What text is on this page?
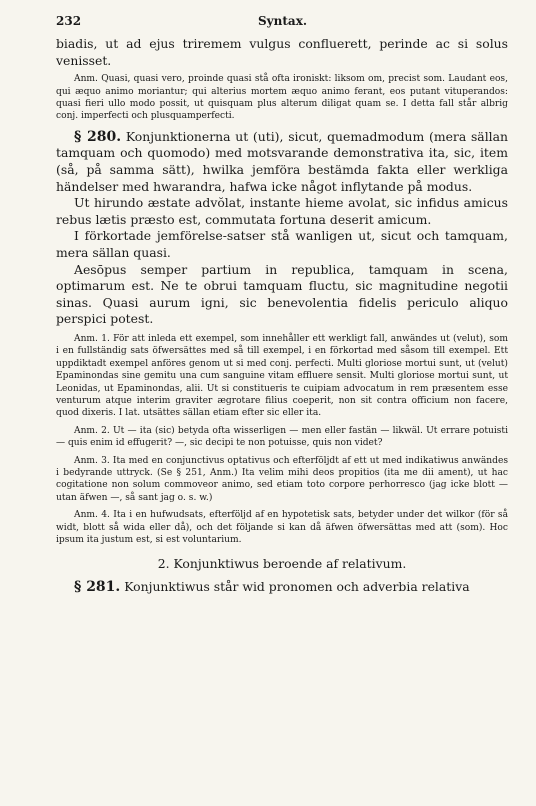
232	Syntax.

biadis, ut ad ejus triremem vulgus confluerett, perinde ac si solus venisset.

Anm. Quasi, quasi vero, proinde quasi stå ofta ironiskt: liksom om, precist som. Laudant eos, qui æquo animo moriantur; qui alterius mortem æquo animo ferant, eos putant vituperandos: quasi fieri ullo modo possit, ut quisquam plus alterum diligat quam se. I detta fall står albrig conj. imperfecti och plusquamperfecti.

§ 280. Konjunktionerna ut (uti), sicut, quemadmodum (mera sällan tamquam och quomodo) med motsvarande demonstrativa ita, sic, item (så, på samma sätt), hwilka jemföra bestämda fakta eller werkliga händelser med hwarandra, hafwa icke något inflytande på modus.

Ut hirundo æstate advŏlat, instante hieme avolat, sic infidus amicus rebus lætis præsto est, commutata fortuna deserit amicum.

I förkortade jemförelse-satser stå wanligen ut, sicut och tamquam, mera sällan quasi.

Aesōpus semper partium in republica, tamquam in scena, optimarum est. Ne te obrui tamquam fluctu, sic magnitudine negotii sinas. Quasi aurum igni, sic benevolentia fidelis periculo aliquo perspici potest.

Anm. 1. För att inleda ett exempel, som innehåller ett werkligt fall, anwändes ut (velut), som i en fullständig sats öfwersättes med så till exempel, i en förkortad med såsom till exempel. Ett uppdiktadt exempel anföres genom ut si med conj. perfecti. Multi gloriose mortui sunt, ut (velut) Epaminondas sine gemitu una cum sanguine vitam effluere sensit. Multi gloriose mortui sunt, ut Leonidas, ut Epaminondas, alii. Ut si constitueris te cuipiam advocatum in rem præsentem esse venturum atque interim graviter ægrotare filius coeperit, non sit contra officium non facere, quod dixeris. I lat. utsättes sällan etiam efter sic eller ita.

Anm. 2. Ut — ita (sic) betyda ofta wisserligen — men eller fastän — likwäl. Ut errare potuisti — quis enim id effugerit? —, sic decipi te non potuisse, quis non videt?

Anm. 3. Ita med en conjunctivus optativus och efterföljdt af ett ut med indikatiwus anwändes i bedyrande uttryck. (Se § 251, Anm.) Ita velim mihi deos propitios (ita me dii ament), ut hac cogitatione non solum commoveor animo, sed etiam toto corpore perhorresco (jag icke blott — utan äfwen —, så sant jag o. s. w.)

Anm. 4. Ita i en hufwudsats, efterföljd af en hypotetisk sats, betyder under det wilkor (för så widt, blott så wida eller då), och det följande si kan då äfwen öfwersättas med att (som). Hoc ipsum ita justum est, si est voluntarium.

2. Konjunktiwus beroende af relativum.

§ 281. Konjunktiwus står wid pronomen och adverbia relativa
